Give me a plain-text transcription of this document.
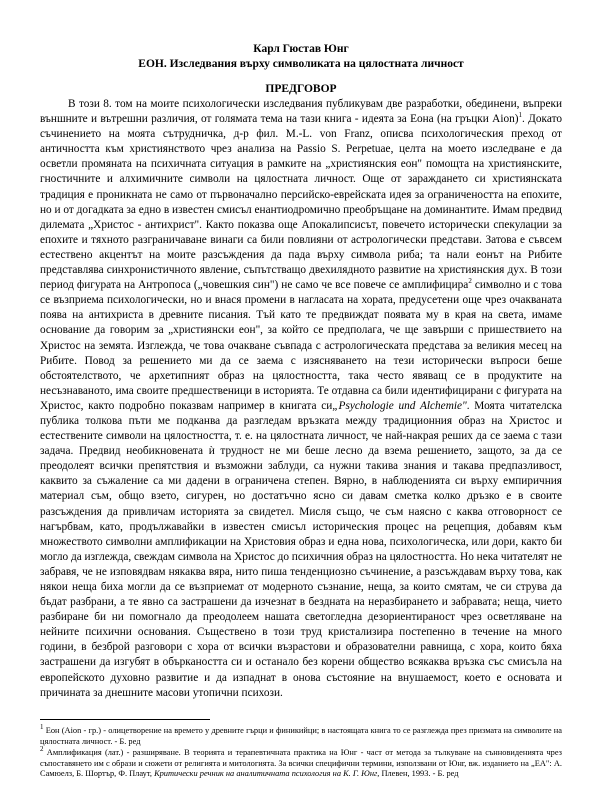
Карл Гюстав Юнг
ЕОН. Изследвания върху символиката на цялостната личност
ПРЕДГОВОР

В този 8. том на моите психологически изследвания публикувам две разработки, обединени, въпреки външните и вътрешни различия, от голямата тема на тази книга - идеята за Еона (на гръцки Aion)$^1$. Докато съчинението на моята сътрудничка, д-р фил. M.-L. von Franz, описва психологическия преход от античността към християнството чрез анализа на Passio S. Perpetuae, целта на моето изследване е да осветли промяната на психичната ситуация в рамките на „християнския еон" помощта на християнските, гностичните и алхимичните символи на цялостната личност. Още от зараждането си християнската традиция е проникната не само от първоначално персийско-еврейската идея за ограничеността на епохите, но и от догадката за едно в известен смисъл енантиодромично преобръщане на доминантите. Имам предвид дилемата „Христос - антихрист". Както показва още Апокалипсисът, повечето исторически спекулации за епохите и тяхното разграничаване винаги са били повлияни от астрологически представи. Затова е съвсем естествено акцентът на моите разсъждения да пада върху символа риба; та нали еонът на Рибите представлява синхронистичното явление, съпътстващо двехилядното развитие на християнския дух. В този период фигурата на Антропоса („човешкия син") не само че все повече се амплифицира$^2$ символно и с това се възприема психологически, но и внася промени в нагласата на хората, предусетени още чрез очакваната поява на антихриста в древните писания. Тъй като те предвиждат появата му в края на света, имаме основание да говорим за „християнски еон", за който се предполага, че ще завърши с пришествието на Христос на земята. Изглежда, че това очакване съвпада с астрологическата представа за великия месец на Рибите. Повод за решението ми да се заема с изясняването на тези исторически въпроси беше обстоятелството, че архетипният образ на цялостността, така често явяващ се в продуктите на несъзнаваното, има своите предшественици в историята. Те отдавна са били идентифицирани с фигурата на Христос, както подробно показвам например в книгата си„Psychologie und Alchemie". Моята читателска публика толкова пъти ме подканва да разгледам връзката между традиционния образ на Христос и естествените символи на цялостността, т. е. на цялостната личност, че най-накрая реших да се заема с тази задача. Предвид необикновената ѝ трудност не ми беше лесно да взема решението, защото, за да се преодолеят всички препятствия и възможни заблуди, са нужни такива знания и такава предпазливост, каквито за съжаление са ми дадени в ограничена степен. Вярно, в наблюденията си върху емпиричния материал съм, общо взето, сигурен, но достатъчно ясно си давам сметка колко дръзко е в своите разсъждения да привличам историята за свидетел. Мисля също, че съм наясно с каква отговорност се нагърбвам, като, продължавайки в известен смисъл историческия процес на рецепция, добавям към множеството символни амплификации на Христовия образ и една нова, психологическа, или дори, както би могло да изглежда, свеждам символа на Христос до психичния образ на цялостността. Но нека читателят не забравя, че не изповядвам някаква вяра, нито пиша тенденциозно съчинение, а разсъждавам върху това, как някои неща биха могли да се възприемат от модерното съзнание, неща, за които смятам, че си струва да бъдат разбрани, а те явно са застрашени да изчезнат в бездната на неразбирането и забравата; неща, чието разбиране би ни помогнало да преодолеем нашата светоглeдна дезориентираност чрез осветляване на нейните психични основания. Съществено в този труд кристализира постепенно в течение на много години, в безброй разговори с хора от всички възрастови и образователни равнища, с хора, които бяха застрашени да изгубят в объркаността си и останало без корени общество всякаква връзка със смисъла на европейското духовно развитие и да изпаднат в онова състояние на внушаемост, което е основата и причината за днешните масови утопични психози.

$^1$ Еон (Aion - гр.) - олицетворение на времето у древните гърци и финикийци; в настоящата книга то се разглежда през призмата на символите на цялостната личност. - Б. ред

$^2$ Амплификация (лат.) - разширяване. В теорията и терапевтичната практика на Юнг - част от метода за тълкуване на сънновиденията чрез съпоставянето им с образи и сюжети от религията и митологията. За всички специфични термини, използвани от Юнг, вж. изданието на „ЕА": А. Самюелз, Б. Шортър, Ф. Плаут, Критически речник на аналитичната психология на К. Г. Юнг, Плевен, 1993. - Б. ред
